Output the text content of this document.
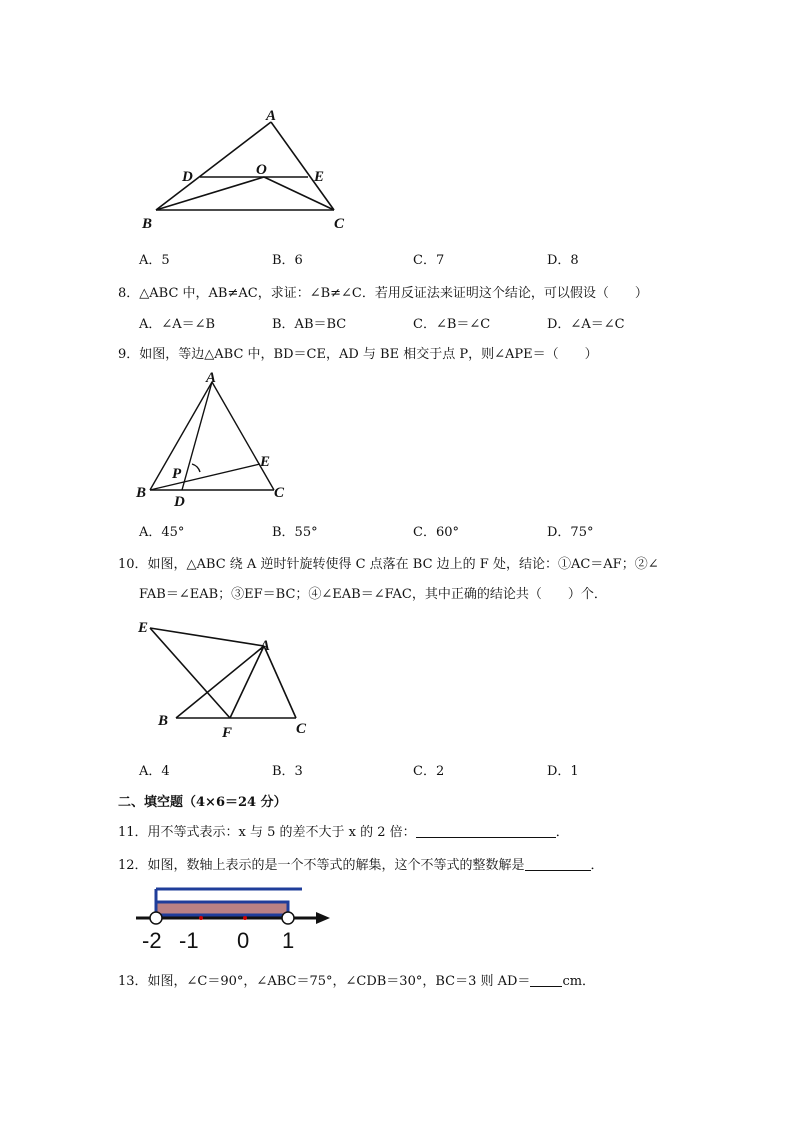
A
D	O	E
B	C
A．5	B．6	C．7	D．8
8．△ABC 中，AB≠AC，求证：∠B≠∠C．若用反证法来证明这个结论，可以假设（　　）
A．∠A＝∠B	B．AB＝BC	C．∠B＝∠C	D．∠A＝∠C
9．如图，等边△ABC 中，BD＝CE，AD 与 BE 相交于点 P，则∠APE＝（　　）
A
P
E
B
D
C
A．45°	B．55°	C．60°	D．75°
10．如图，△ABC 绕 A 逆时针旋转使得 C 点落在 BC 边上的 F 处，结论：①AC＝AF；②∠
FAB＝∠EAB；③EF＝BC；④∠EAB＝∠FAC，其中正确的结论共（　　）个．
E
A
B
F	C
A．4	B．3	C．2	D．1
二、填空题（4×6＝24 分）
11．用不等式表示：x 与 5 的差不大于 x 的 2 倍：	．
12．如图，数轴上表示的是一个不等式的解集，这个不等式的整数解是	．
-2 -1 0 1
13．如图，∠C＝90°，∠ABC＝75°，∠CDB＝30°，BC＝3 则 AD＝ cm．
